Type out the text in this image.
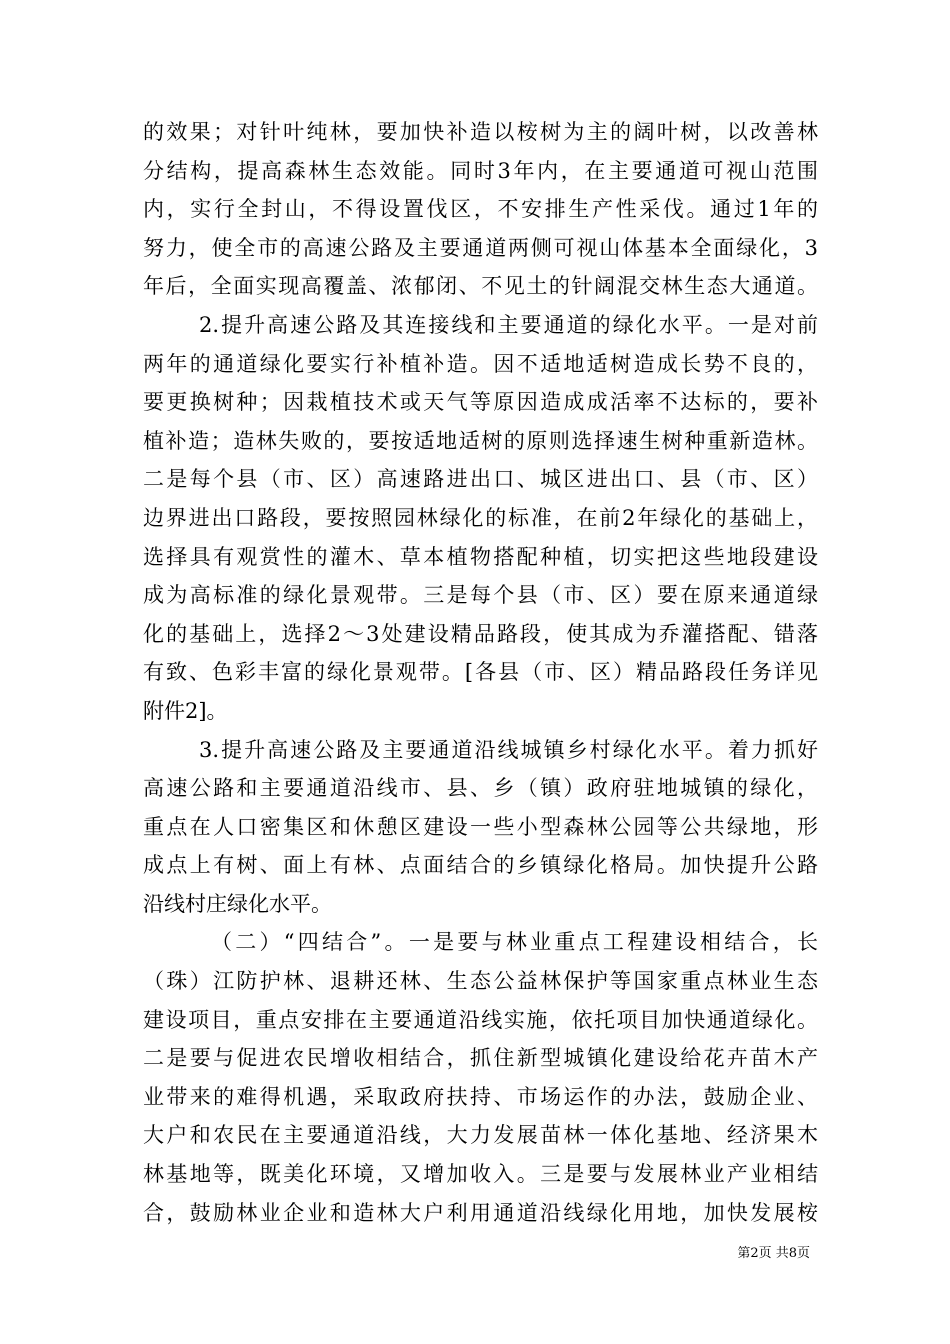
的效果；对针叶纯林，要加快补造以桉树为主的阔叶树，以改善林
分结构，提高森林生态效能。同时3年内，在主要通道可视山范围
内，实行全封山，不得设置伐区，不安排生产性采伐。通过1年的
努力，使全市的高速公路及主要通道两侧可视山体基本全面绿化，3
年后，全面实现高覆盖、浓郁闭、不见土的针阔混交林生态大通道。
2.提升高速公路及其连接线和主要通道的绿化水平。一是对前
两年的通道绿化要实行补植补造。因不适地适树造成长势不良的，
要更换树种；因栽植技术或天气等原因造成成活率不达标的，要补
植补造；造林失败的，要按适地适树的原则选择速生树种重新造林。
二是每个县（市、区）高速路进出口、城区进出口、县（市、区）
边界进出口路段，要按照园林绿化的标准，在前2年绿化的基础上，
选择具有观赏性的灌木、草本植物搭配种植，切实把这些地段建设
成为高标准的绿化景观带。三是每个县（市、区）要在原来通道绿
化的基础上，选择2～3处建设精品路段，使其成为乔灌搭配、错落
有致、色彩丰富的绿化景观带。[各县（市、区）精品路段任务详见
附件2]。
3.提升高速公路及主要通道沿线城镇乡村绿化水平。着力抓好
高速公路和主要通道沿线市、县、乡（镇）政府驻地城镇的绿化，
重点在人口密集区和休憩区建设一些小型森林公园等公共绿地，形
成点上有树、面上有林、点面结合的乡镇绿化格局。加快提升公路
沿线村庄绿化水平。
（二）“四结合”。一是要与林业重点工程建设相结合，长
（珠）江防护林、退耕还林、生态公益林保护等国家重点林业生态
建设项目，重点安排在主要通道沿线实施，依托项目加快通道绿化。
二是要与促进农民增收相结合，抓住新型城镇化建设给花卉苗木产
业带来的难得机遇，采取政府扶持、市场运作的办法，鼓励企业、
大户和农民在主要通道沿线，大力发展苗林一体化基地、经济果木
林基地等，既美化环境，又增加收入。三是要与发展林业产业相结
合，鼓励林业企业和造林大户利用通道沿线绿化用地，加快发展桉
第2页 共8页
